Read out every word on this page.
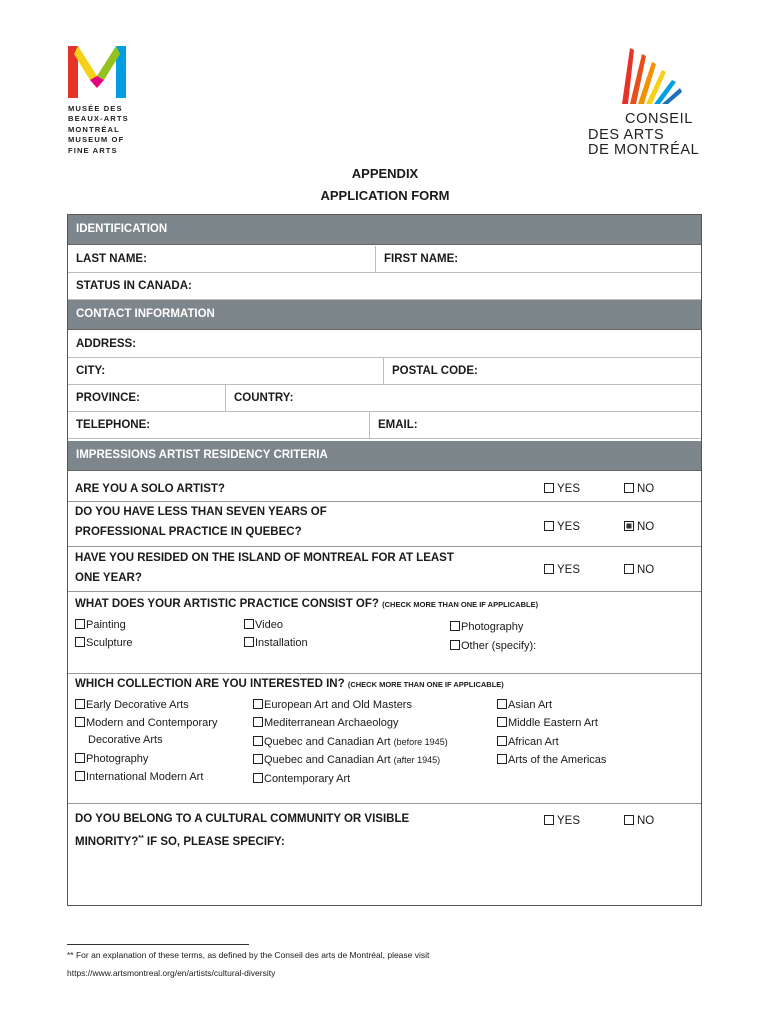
MUSÉE DES
BEAUX-ARTS
MONTRÉAL
MUSEUM OF
FINE ARTS
CONSEIL
DES ARTS
DE MONTRÉAL
APPENDIX
APPLICATION FORM
IDENTIFICATION
LAST NAME:	FIRST NAME:
STATUS IN CANADA:
CONTACT INFORMATION
ADDRESS:
CITY:	POSTAL CODE:
PROVINCE:	COUNTRY:
TELEPHONE:	EMAIL:
IMPRESSIONS ARTIST RESIDENCY CRITERIA
ARE YOU A SOLO ARTIST?	YES	NO
DO YOU HAVE LESS THAN SEVEN YEARS OF
PROFESSIONAL PRACTICE IN QUEBEC?	YES	NO
HAVE YOU RESIDED ON THE ISLAND OF MONTREAL FOR AT LEAST
ONE YEAR?
YES	NO
WHAT DOES YOUR ARTISTIC PRACTICE CONSIST OF? (CHECK MORE THAN ONE IF APPLICABLE)
Painting
Sculpture
Video
Installation
Photography
Other (specify):
WHICH COLLECTION ARE YOU INTERESTED IN? (CHECK MORE THAN ONE IF APPLICABLE)
Early Decorative Arts
Modern and Contemporary
Decorative Arts
Photography
International Modern Art
European Art and Old Masters
Mediterranean Archaeology
Quebec and Canadian Art (before 1945)
Quebec and Canadian Art (after 1945)
Contemporary Art
Asian Art
Middle Eastern Art
African Art
Arts of the Americas
DO YOU BELONG TO A CULTURAL COMMUNITY OR VISIBLE
MINORITY?** IF SO, PLEASE SPECIFY:
YES	NO
** For an explanation of these terms, as defined by the Conseil des arts de Montréal, please visit
https://www.artsmontreal.org/en/artists/cultural-diversity
